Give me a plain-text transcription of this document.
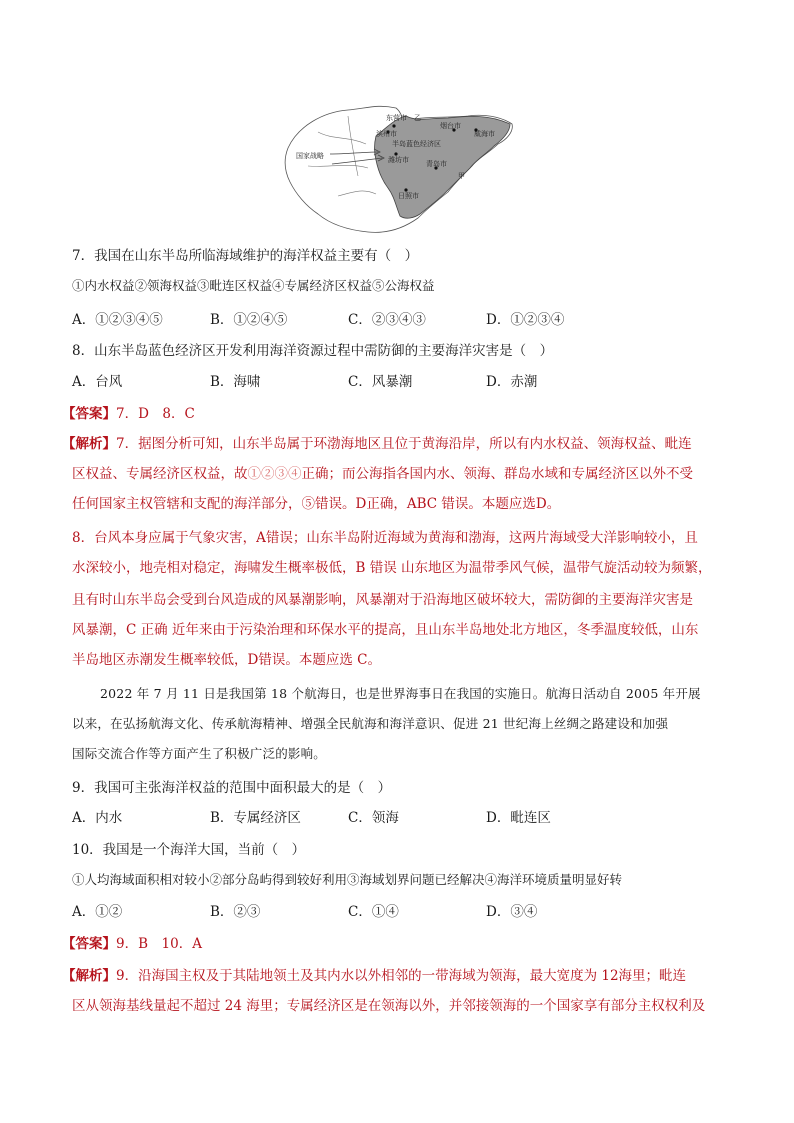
东营市 乙
滨州市
烟台市
威海市
半岛蓝色经济区
国家战略	潍坊市 青岛市
甲
日照市
7．我国在山东半岛所临海域维护的海洋权益主要有（　）
①内水权益②领海权益③毗连区权益④专属经济区权益⑤公海权益
A．①②③④⑤	B．①②④⑤	C．②③④③	D．①②③④
8．山东半岛蓝色经济区开发利用海洋资源过程中需防御的主要海洋灾害是（　）
A．台风	B．海啸	C．风暴潮	D．赤潮
【答案】7．D　8．C
【解析】7．据图分析可知，山东半岛属于环渤海地区且位于黄海沿岸，所以有内水权益、领海权益、毗连
区权益、专属经济区权益，故①②③④正确；而公海指各国内水、领海、群岛水域和专属经济区以外不受
任何国家主权管辖和支配的海洋部分，⑤错误。D正确，ABC 错误。本题应选D。
8．台风本身应属于气象灾害，A错误；山东半岛附近海域为黄海和渤海，这两片海域受大洋影响较小，且
水深较小，地壳相对稳定，海啸发生概率极低，B 错误 山东地区为温带季风气候，温带气旋活动较为频繁，
且有时山东半岛会受到台风造成的风暴潮影响，风暴潮对于沿海地区破坏较大，需防御的主要海洋灾害是
风暴潮，C 正确 近年来由于污染治理和环保水平的提高，且山东半岛地处北方地区，冬季温度较低，山东
半岛地区赤潮发生概率较低，D错误。本题应选 C。
2022 年 7 月 11 日是我国第 18 个航海日，也是世界海事日在我国的实施日。航海日活动自 2005 年开展
以来，在弘扬航海文化、传承航海精神、增强全民航海和海洋意识、促进 21 世纪海上丝绸之路建设和加强
国际交流合作等方面产生了积极广泛的影响。
9．我国可主张海洋权益的范围中面积最大的是（　）
A．内水	B．专属经济区	C．领海	D．毗连区
10．我国是一个海洋大国，当前（　）
①人均海域面积相对较小②部分岛屿得到较好利用③海域划界问题已经解决④海洋环境质量明显好转
A．①②	B．②③	C．①④	D．③④
【答案】9．B　10．A
【解析】9．沿海国主权及于其陆地领土及其内水以外相邻的一带海域为领海，最大宽度为 12海里；毗连
区从领海基线量起不超过 24 海里；专属经济区是在领海以外，并邻接领海的一个国家享有部分主权权利及
